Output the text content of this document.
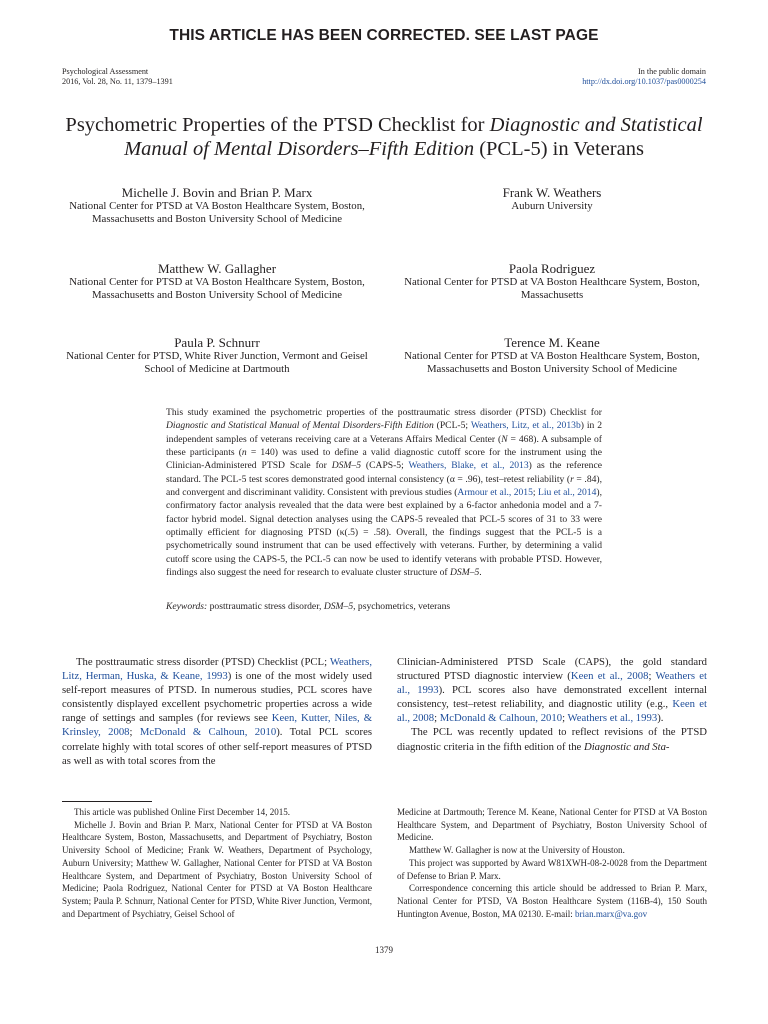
THIS ARTICLE HAS BEEN CORRECTED. SEE LAST PAGE
Psychological Assessment
2016, Vol. 28, No. 11, 1379–1391
In the public domain
http://dx.doi.org/10.1037/pas0000254
Psychometric Properties of the PTSD Checklist for Diagnostic and Statistical Manual of Mental Disorders–Fifth Edition (PCL-5) in Veterans
Michelle J. Bovin and Brian P. Marx
National Center for PTSD at VA Boston Healthcare System, Boston, Massachusetts and Boston University School of Medicine
Frank W. Weathers
Auburn University
Matthew W. Gallagher
National Center for PTSD at VA Boston Healthcare System, Boston, Massachusetts and Boston University School of Medicine
Paola Rodriguez
National Center for PTSD at VA Boston Healthcare System, Boston, Massachusetts
Paula P. Schnurr
National Center for PTSD, White River Junction, Vermont and Geisel School of Medicine at Dartmouth
Terence M. Keane
National Center for PTSD at VA Boston Healthcare System, Boston, Massachusetts and Boston University School of Medicine
This study examined the psychometric properties of the posttraumatic stress disorder (PTSD) Checklist for Diagnostic and Statistical Manual of Mental Disorders-Fifth Edition (PCL-5; Weathers, Litz, et al., 2013b) in 2 independent samples of veterans receiving care at a Veterans Affairs Medical Center (N = 468). A subsample of these participants (n = 140) was used to define a valid diagnostic cutoff score for the instrument using the Clinician-Administered PTSD Scale for DSM–5 (CAPS-5; Weathers, Blake, et al., 2013) as the reference standard. The PCL-5 test scores demonstrated good internal consistency (α = .96), test–retest reliability (r = .84), and convergent and discriminant validity. Consistent with previous studies (Armour et al., 2015; Liu et al., 2014), confirmatory factor analysis revealed that the data were best explained by a 6-factor anhedonia model and a 7-factor hybrid model. Signal detection analyses using the CAPS-5 revealed that PCL-5 scores of 31 to 33 were optimally efficient for diagnosing PTSD (κ(.5) = .58). Overall, the findings suggest that the PCL-5 is a psychometrically sound instrument that can be used effectively with veterans. Further, by determining a valid cutoff score using the CAPS-5, the PCL-5 can now be used to identify veterans with probable PTSD. However, findings also suggest the need for research to evaluate cluster structure of DSM–5.
Keywords: posttraumatic stress disorder, DSM–5, psychometrics, veterans

The posttraumatic stress disorder (PTSD) Checklist (PCL; Weathers, Litz, Herman, Huska, & Keane, 1993) is one of the most widely used self-report measures of PTSD. In numerous studies, PCL scores have consistently displayed excellent psychometric properties across a wide range of settings and samples (for reviews see Keen, Kutter, Niles, & Krinsley, 2008; McDonald & Calhoun, 2010). Total PCL scores correlate highly with total scores of other self-report measures of PTSD as well as with total scores from the

Clinician-Administered PTSD Scale (CAPS), the gold standard structured PTSD diagnostic interview (Keen et al., 2008; Weathers et al., 1993). PCL scores also have demonstrated excellent internal consistency, test–retest reliability, and diagnostic utility (e.g., Keen et al., 2008; McDonald & Calhoun, 2010; Weathers et al., 1993).

The PCL was recently updated to reflect revisions of the PTSD diagnostic criteria in the fifth edition of the Diagnostic and Sta-

This article was published Online First December 14, 2015.

Michelle J. Bovin and Brian P. Marx, National Center for PTSD at VA Boston Healthcare System, Boston, Massachusetts, and Department of Psychiatry, Boston University School of Medicine; Frank W. Weathers, Department of Psychology, Auburn University; Matthew W. Gallagher, National Center for PTSD at VA Boston Healthcare System, and Department of Psychiatry, Boston University School of Medicine; Paola Rodriguez, National Center for PTSD at VA Boston Healthcare System; Paula P. Schnurr, National Center for PTSD, White River Junction, Vermont, and Department of Psychiatry, Geisel School of

Medicine at Dartmouth; Terence M. Keane, National Center for PTSD at VA Boston Healthcare System, and Department of Psychiatry, Boston University School of Medicine.

Matthew W. Gallagher is now at the University of Houston.

This project was supported by Award W81XWH-08-2-0028 from the Department of Defense to Brian P. Marx.

Correspondence concerning this article should be addressed to Brian P. Marx, National Center for PTSD, VA Boston Healthcare System (116B-4), 150 South Huntington Avenue, Boston, MA 02130. E-mail: brian.marx@va.gov

1379
